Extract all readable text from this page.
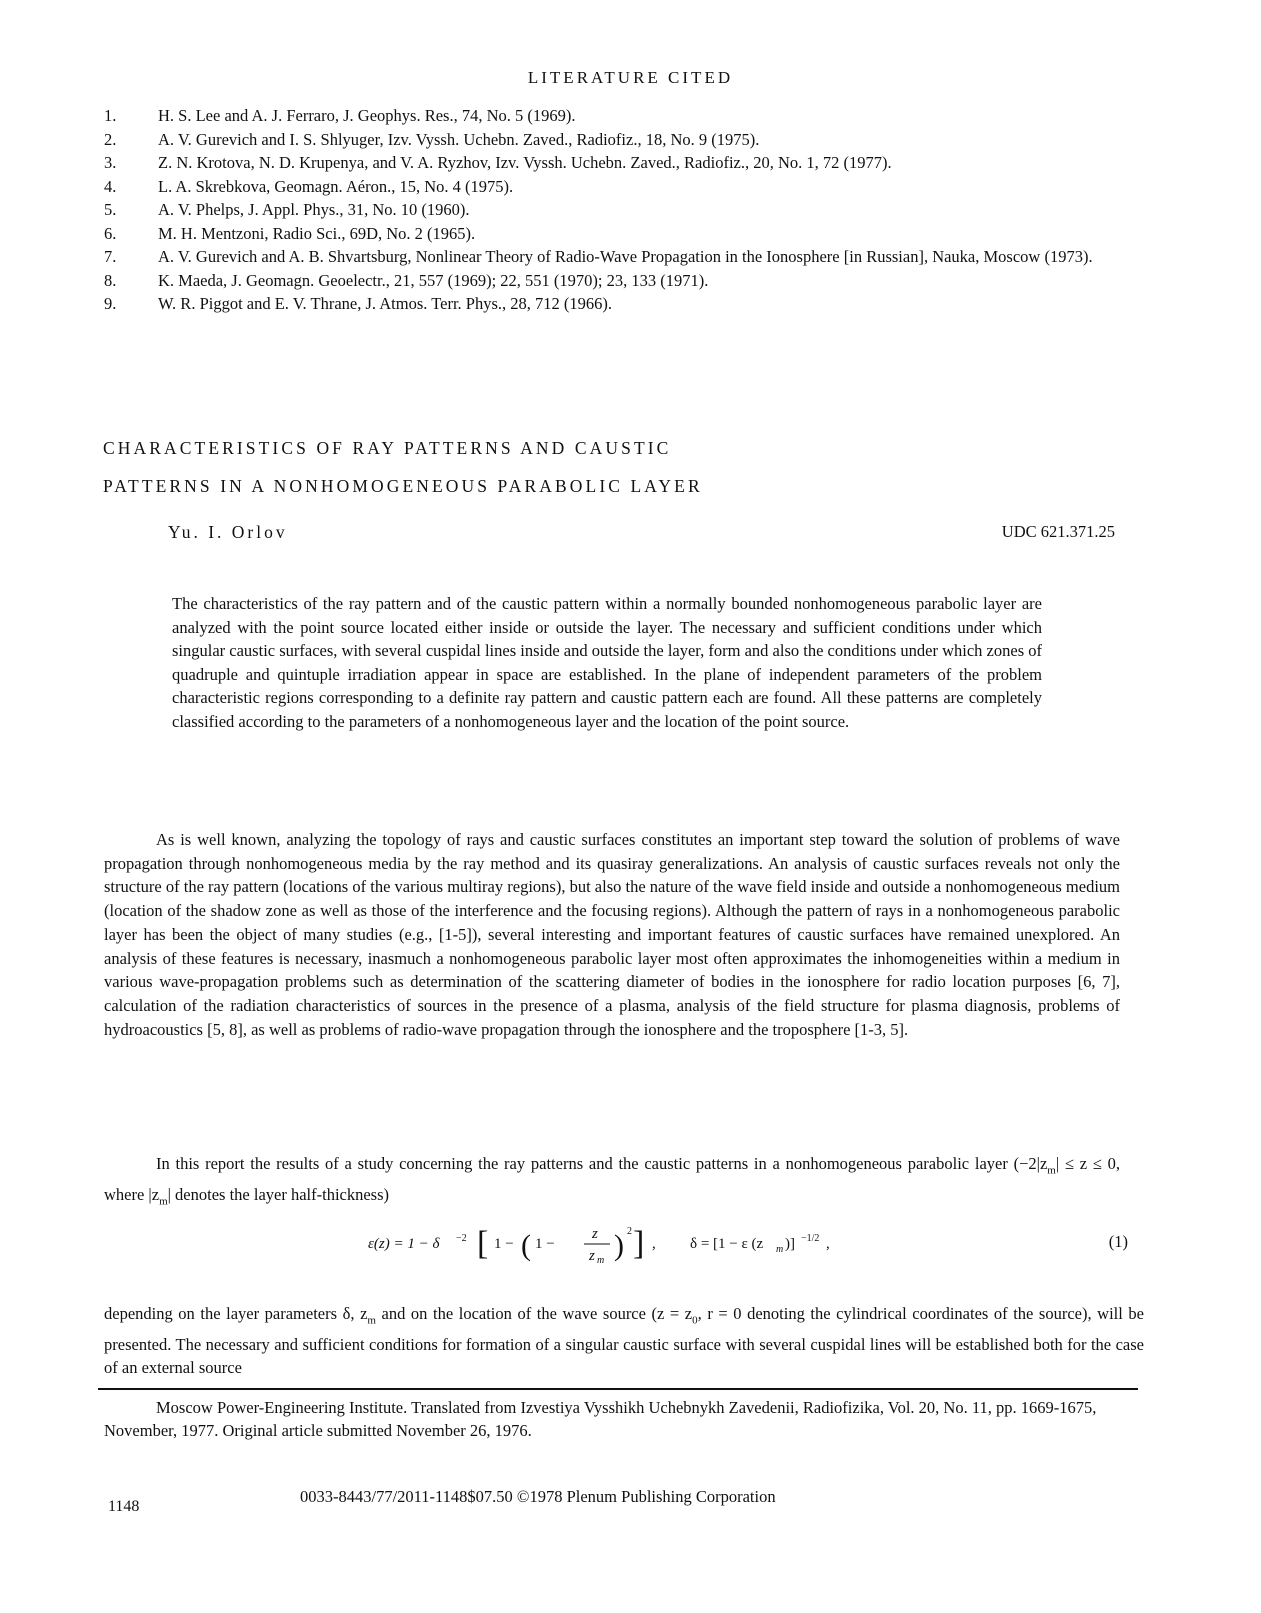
LITERATURE CITED
1.	H. S. Lee and A. J. Ferraro, J. Geophys. Res., 74, No. 5 (1969).
2.	A. V. Gurevich and I. S. Shlyuger, Izv. Vyssh. Uchebn. Zaved., Radiofiz., 18, No. 9 (1975).
3.	Z. N. Krotova, N. D. Krupenya, and V. A. Ryzhov, Izv. Vyssh. Uchebn. Zaved., Radiofiz., 20, No. 1, 72 (1977).
4.	L. A. Skrebkova, Geomagn. Aéron., 15, No. 4 (1975).
5.	A. V. Phelps, J. Appl. Phys., 31, No. 10 (1960).
6.	M. H. Mentzoni, Radio Sci., 69D, No. 2 (1965).
7.	A. V. Gurevich and A. B. Shvartsburg, Nonlinear Theory of Radio-Wave Propagation in the Ionosphere [in Russian], Nauka, Moscow (1973).
8.	K. Maeda, J. Geomagn. Geoelectr., 21, 557 (1969); 22, 551 (1970); 23, 133 (1971).
9.	W. R. Piggot and E. V. Thrane, J. Atmos. Terr. Phys., 28, 712 (1966).
CHARACTERISTICS OF RAY PATTERNS AND CAUSTIC
PATTERNS IN A NONHOMOGENEOUS PARABOLIC LAYER
Yu. I. Orlov	UDC 621.371.25
The characteristics of the ray pattern and of the caustic pattern within a normally bounded nonhomogeneous parabolic layer are analyzed with the point source located either inside or outside the layer. The necessary and sufficient conditions under which singular caustic surfaces, with several cuspidal lines inside and outside the layer, form and also the conditions under which zones of quadruple and quintuple irradiation appear in space are established. In the plane of independent parameters of the problem characteristic regions corresponding to a definite ray pattern and caustic pattern each are found. All these patterns are completely classified according to the parameters of a nonhomogeneous layer and the location of the point source.
As is well known, analyzing the topology of rays and caustic surfaces constitutes an important step toward the solution of problems of wave propagation through nonhomogeneous media by the ray method and its quasiray generalizations. An analysis of caustic surfaces reveals not only the structure of the ray pattern (locations of the various multiray regions), but also the nature of the wave field inside and outside a nonhomogeneous medium (location of the shadow zone as well as those of the interference and the focusing regions). Although the pattern of rays in a nonhomogeneous parabolic layer has been the object of many studies (e.g., [1-5]), several interesting and important features of caustic surfaces have remained unexplored. An analysis of these features is necessary, inasmuch a nonhomogeneous parabolic layer most often approximates the inhomogeneities within a medium in various wave-propagation problems such as determination of the scattering diameter of bodies in the ionosphere for radio location purposes [6, 7], calculation of the radiation characteristics of sources in the presence of a plasma, analysis of the field structure for plasma diagnosis, problems of hydroacoustics [5, 8], as well as problems of radio-wave propagation through the ionosphere and the troposphere [1-3, 5].
In this report the results of a study concerning the ray patterns and the caustic patterns in a nonhomogeneous parabolic layer ($-2|z_m| \le z \le 0$, where $|z_m|$ denotes the layer half-thickness)
ε(z) = 1 − δ −2 [ 1 − ( 1 −
z
z m ) 2 ] , δ = [1 − ε (z m )] −1/2 ,	(1)
depending on the layer parameters δ, $z_m$ and on the location of the wave source ($z = z_0$, r = 0 denoting the cylindrical coordinates of the source), will be presented. The necessary and sufficient conditions for formation of a singular caustic surface with several cuspidal lines will be established both for the case of an external source
Moscow Power-Engineering Institute. Translated from Izvestiya Vysshikh Uchebnykh Zavedenii, Radiofizika, Vol. 20, No. 11, pp. 1669-1675, November, 1977. Original article submitted November 26, 1976.
1148
0033-8443/77/2011-1148$07.50 ©1978 Plenum Publishing Corporation
